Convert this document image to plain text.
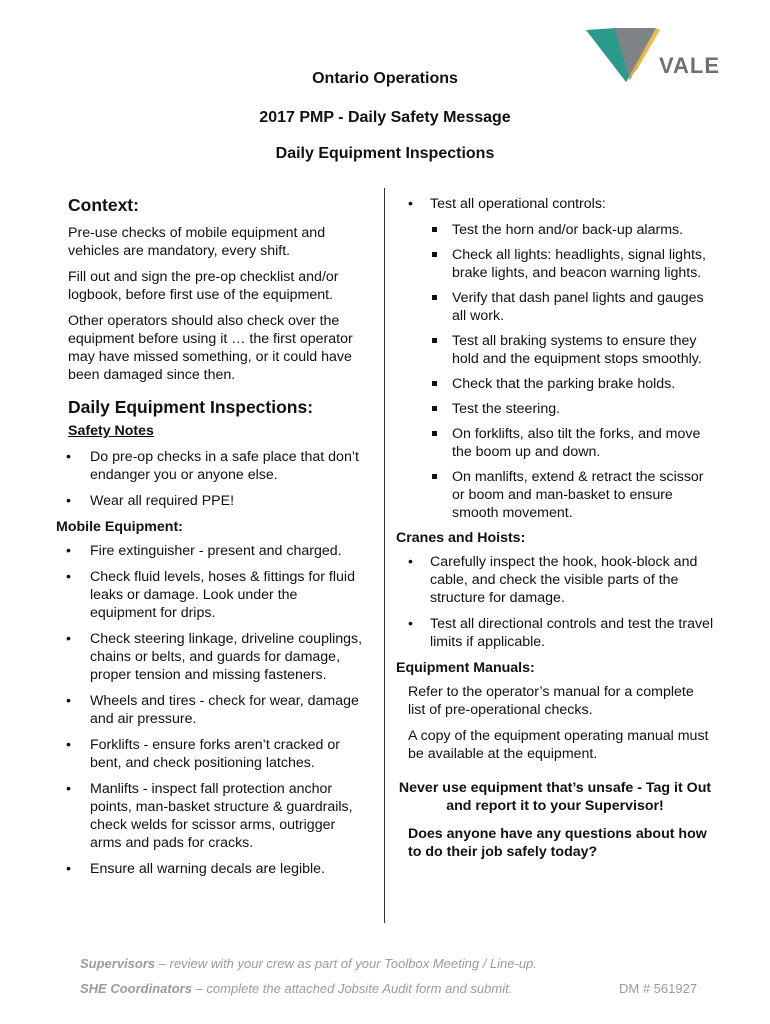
VALE
Ontario Operations
2017 PMP - Daily Safety Message
Daily Equipment Inspections
Context:

Pre-use checks of mobile equipment and vehicles are mandatory, every shift.

Fill out and sign the pre-op checklist and/or logbook, before first use of the equipment.

Other operators should also check over the equipment before using it … the first operator may have missed something, or it could have been damaged since then.

Daily Equipment Inspections:
Safety Notes
• Do pre-op checks in a safe place that don’t endanger you or anyone else.
• Wear all required PPE!
Mobile Equipment:
• Fire extinguisher - present and charged.
• Check fluid levels, hoses & fittings for fluid leaks or damage. Look under the equipment for drips.
• Check steering linkage, driveline couplings, chains or belts, and guards for damage, proper tension and missing fasteners.
• Wheels and tires - check for wear, damage and air pressure.
• Forklifts - ensure forks aren’t cracked or bent, and check positioning latches.
• Manlifts - inspect fall protection anchor points, man-basket structure & guardrails, check welds for scissor arms, outrigger arms and pads for cracks.
• Ensure all warning decals are legible.
• Test all operational controls:
Test the horn and/or back-up alarms.
Check all lights: headlights, signal lights, brake lights, and beacon warning lights.
Verify that dash panel lights and gauges all work.
Test all braking systems to ensure they hold and the equipment stops smoothly.
Check that the parking brake holds.
Test the steering.
On forklifts, also tilt the forks, and move the boom up and down.
On manlifts, extend & retract the scissor or boom and man-basket to ensure smooth movement.
Cranes and Hoists:
• Carefully inspect the hook, hook-block and cable, and check the visible parts of the structure for damage.
• Test all directional controls and test the travel limits if applicable.
Equipment Manuals:

Refer to the operator’s manual for a complete list of pre-operational checks.

A copy of the equipment operating manual must be available at the equipment.

Never use equipment that’s unsafe - Tag it Out and report it to your Supervisor!
Does anyone have any questions about how to do their job safely today?
Supervisors – review with your crew as part of your Toolbox Meeting / Line-up.
SHE Coordinators – complete the attached Jobsite Audit form and submit.	DM # 561927
